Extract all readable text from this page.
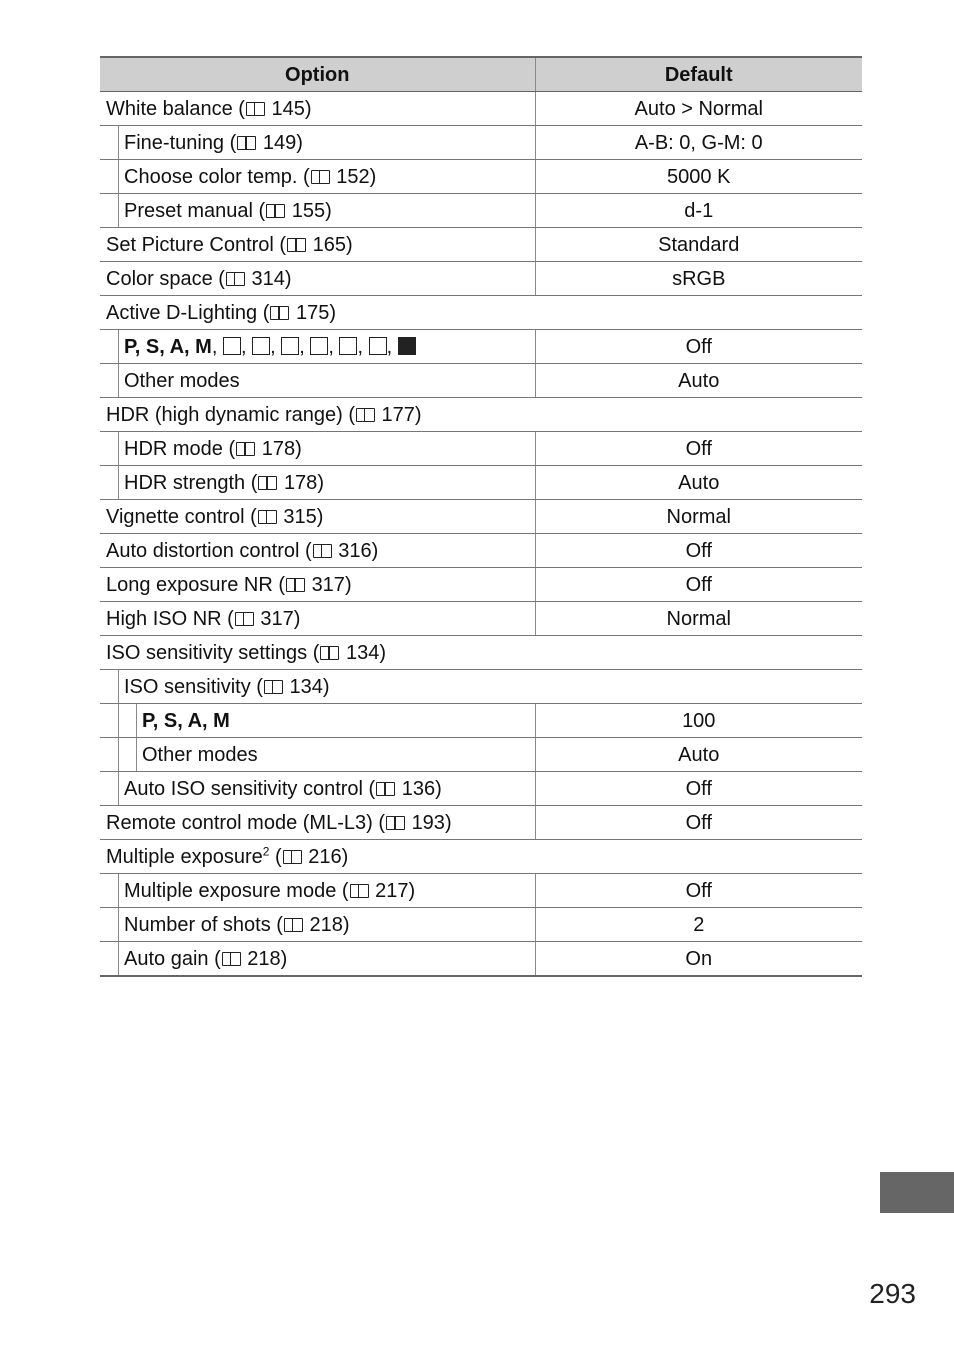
Option	Default
White balance ( 145)	Auto > Normal
Fine-tuning ( 149)	A-B: 0, G-M: 0
Choose color temp. ( 152)	5000 K
Preset manual ( 155)	d-1
Set Picture Control ( 165)	Standard
Color space ( 314)	sRGB
Active D-Lighting ( 175)	
P, S, A, M, , , , , , ,	Off
Other modes	Auto
HDR (high dynamic range) ( 177)	
HDR mode ( 178)	Off
HDR strength ( 178)	Auto
Vignette control ( 315)	Normal
Auto distortion control ( 316)	Off
Long exposure NR ( 317)	Off
High ISO NR ( 317)	Normal
ISO sensitivity settings ( 134)	
ISO sensitivity ( 134)	
P, S, A, M	100
Other modes	Auto
Auto ISO sensitivity control ( 136)	Off
Remote control mode (ML-L3) ( 193)	Off
Multiple exposure$^2$ ( 216)	
Multiple exposure mode ( 217)	Off
Number of shots ( 218)	2
Auto gain ( 218)	On
293
